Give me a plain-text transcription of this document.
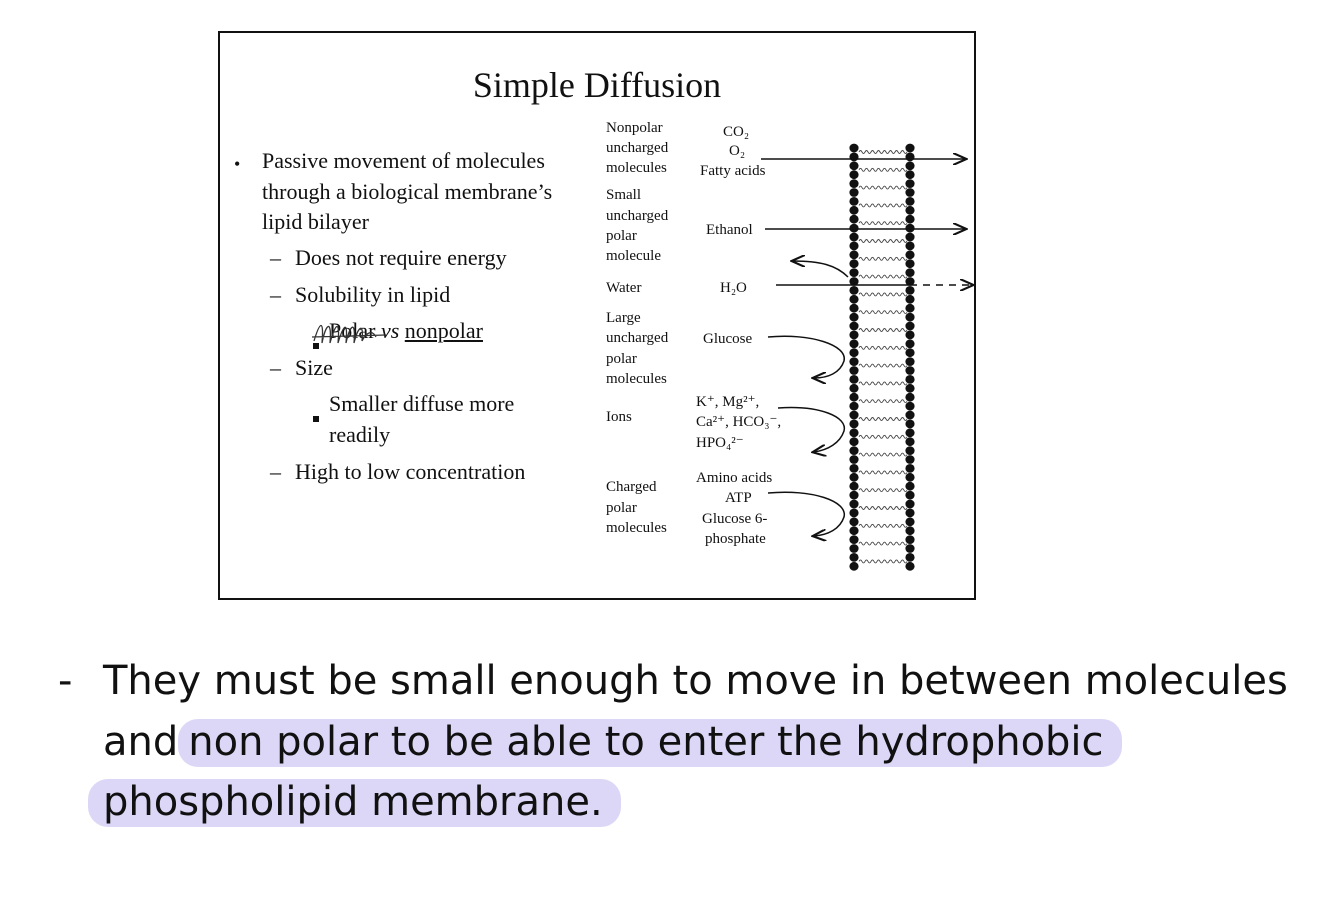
Simple Diffusion
• Passive movement of molecules
through a biological membrane’s
lipid bilayer
– Does not require energy
– Solubility in lipid
Polar vs nonpolar
– Size
Smaller diffuse more
readily
– High to low concentration
Nonpolar
uncharged
molecules
CO₂
O₂
Fatty acids
Small
uncharged
polar
molecule
Ethanol
Water	H₂O
Large
uncharged
polar
molecules
Glucose
Ions
K⁺, Mg²⁺,
Ca²⁺, HCO₃⁻,
HPO₄²⁻
Charged
polar
molecules
Amino acids
ATP
Glucose 6-
phosphate
- They must be small enough to move in between molecules
and non polar to be able to enter the hydrophobic
phospholipid membrane.
